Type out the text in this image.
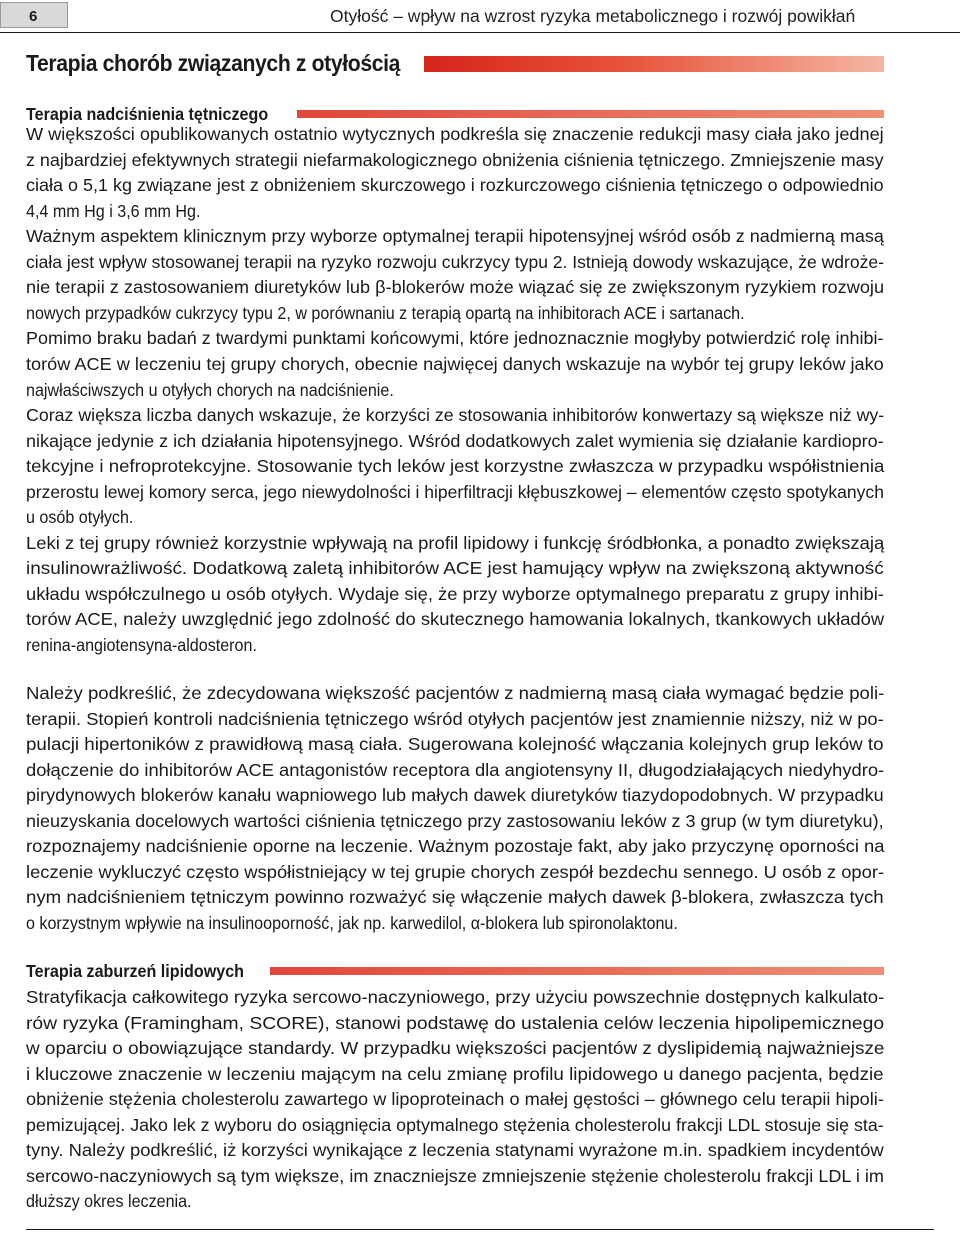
6	Otyłość – wpływ na wzrost ryzyka metabolicznego i rozwój powikłań
Terapia chorób związanych z otyłością
Terapia nadciśnienia tętniczego
W większości opublikowanych ostatnio wytycznych podkreśla się znaczenie redukcji masy ciała jako jednej
z najbardziej efektywnych strategii niefarmakologicznego obniżenia ciśnienia tętniczego. Zmniejszenie masy
ciała o 5,1 kg związane jest z obniżeniem skurczowego i rozkurczowego ciśnienia tętniczego o odpowiednio
4,4 mm Hg i 3,6 mm Hg.
Ważnym aspektem klinicznym przy wyborze optymalnej terapii hipotensyjnej wśród osób z nadmierną masą
ciała jest wpływ stosowanej terapii na ryzyko rozwoju cukrzycy typu 2. Istnieją dowody wskazujące, że wdroże-
nie terapii z zastosowaniem diuretyków lub β-blokerów może wiązać się ze zwiększonym ryzykiem rozwoju
nowych przypadków cukrzycy typu 2, w porównaniu z terapią opartą na inhibitorach ACE i sartanach.
Pomimo braku badań z twardymi punktami końcowymi, które jednoznacznie mogłyby potwierdzić rolę inhibi-
torów ACE w leczeniu tej grupy chorych, obecnie najwięcej danych wskazuje na wybór tej grupy leków jako
najwłaściwszych u otyłych chorych na nadciśnienie.
Coraz większa liczba danych wskazuje, że korzyści ze stosowania inhibitorów konwertazy są większe niż wy-
nikające jedynie z ich działania hipotensyjnego. Wśród dodatkowych zalet wymienia się działanie kardiopro-
tekcyjne i nefroprotekcyjne. Stosowanie tych leków jest korzystne zwłaszcza w przypadku współistnienia
przerostu lewej komory serca, jego niewydolności i hiperfiltracji kłębuszkowej – elementów często spotykanych
u osób otyłych.
Leki z tej grupy również korzystnie wpływają na profil lipidowy i funkcję śródbłonka, a ponadto zwiększają
insulinowrażliwość. Dodatkową zaletą inhibitorów ACE jest hamujący wpływ na zwiększoną aktywność
układu współczulnego u osób otyłych. Wydaje się, że przy wyborze optymalnego preparatu z grupy inhibi-
torów ACE, należy uwzględnić jego zdolność do skutecznego hamowania lokalnych, tkankowych układów
renina-angiotensyna-aldosteron.
Należy podkreślić, że zdecydowana większość pacjentów z nadmierną masą ciała wymagać będzie poli-
terapii. Stopień kontroli nadciśnienia tętniczego wśród otyłych pacjentów jest znamiennie niższy, niż w po-
pulacji hipertoników z prawidłową masą ciała. Sugerowana kolejność włączania kolejnych grup leków to
dołączenie do inhibitorów ACE antagonistów receptora dla angiotensyny II, długodziałających niedyhydro-
pirydynowych blokerów kanału wapniowego lub małych dawek diuretyków tiazydopodobnych. W przypadku
nieuzyskania docelowych wartości ciśnienia tętniczego przy zastosowaniu leków z 3 grup (w tym diuretyku),
rozpoznajemy nadciśnienie oporne na leczenie. Ważnym pozostaje fakt, aby jako przyczynę oporności na
leczenie wykluczyć często współistniejący w tej grupie chorych zespół bezdechu sennego. U osób z opor-
nym nadciśnieniem tętniczym powinno rozważyć się włączenie małych dawek β-blokera, zwłaszcza tych
o korzystnym wpływie na insulinooporność, jak np. karwedilol, α-blokera lub spironolaktonu.
Terapia zaburzeń lipidowych
Stratyfikacja całkowitego ryzyka sercowo-naczyniowego, przy użyciu powszechnie dostępnych kalkulato-
rów ryzyka (Framingham, SCORE), stanowi podstawę do ustalenia celów leczenia hipolipemicznego
w oparciu o obowiązujące standardy. W przypadku większości pacjentów z dyslipidemią najważniejsze
i kluczowe znaczenie w leczeniu mającym na celu zmianę profilu lipidowego u danego pacjenta, będzie
obniżenie stężenia cholesterolu zawartego w lipoproteinach o małej gęstości – głównego celu terapii hipoli-
pemizującej. Jako lek z wyboru do osiągnięcia optymalnego stężenia cholesterolu frakcji LDL stosuje się sta-
tyny. Należy podkreślić, iż korzyści wynikające z leczenia statynami wyrażone m.in. spadkiem incydentów
sercowo-naczyniowych są tym większe, im znaczniejsze zmniejszenie stężenie cholesterolu frakcji LDL i im
dłuższy okres leczenia.
